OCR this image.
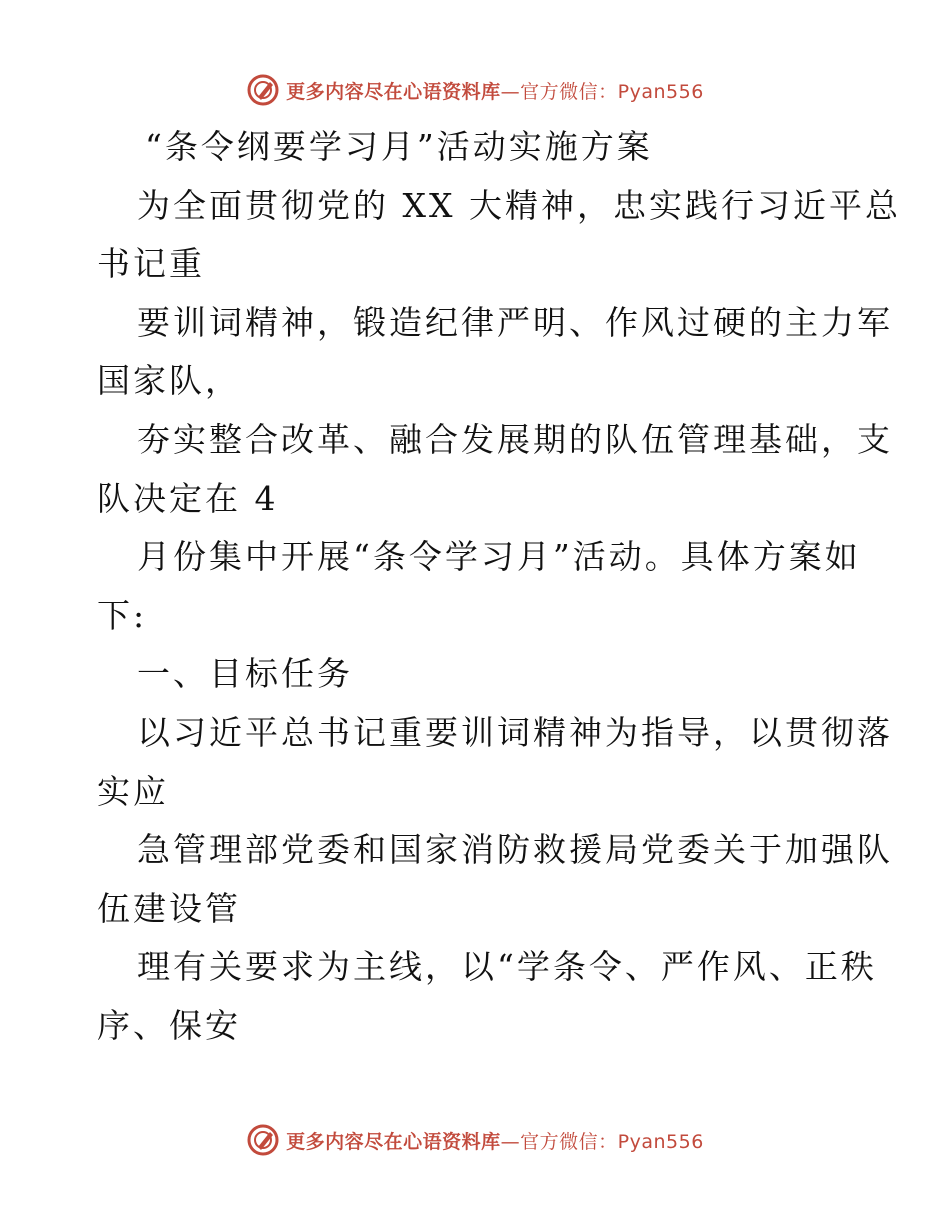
更多内容尽在心语资料库—官方微信：Pyan556
“条令纲要学习月”活动实施方案
为全面贯彻党的 XX 大精神，忠实践行习近平总
书记重
要训词精神，锻造纪律严明、作风过硬的主力军
国家队，
夯实整合改革、融合发展期的队伍管理基础，支
队决定在 4
月份集中开展“条令学习月”活动。具体方案如
下:
一、目标任务
以习近平总书记重要训词精神为指导，以贯彻落
实应
急管理部党委和国家消防救援局党委关于加强队
伍建设管
理有关要求为主线，以“学条令、严作风、正秩
序、保安
更多内容尽在心语资料库—官方微信：Pyan556
